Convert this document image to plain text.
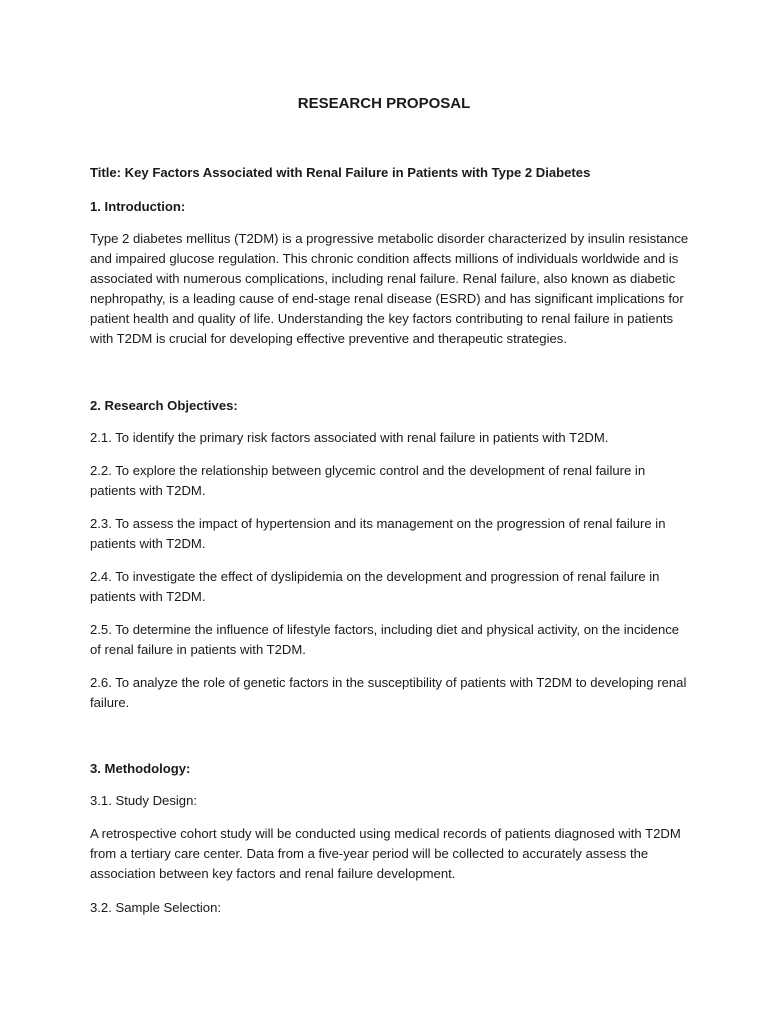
RESEARCH PROPOSAL
Title: Key Factors Associated with Renal Failure in Patients with Type 2 Diabetes
1. Introduction:
Type 2 diabetes mellitus (T2DM) is a progressive metabolic disorder characterized by insulin resistance
and impaired glucose regulation. This chronic condition affects millions of individuals worldwide and is
associated with numerous complications, including renal failure. Renal failure, also known as diabetic
nephropathy, is a leading cause of end-stage renal disease (ESRD) and has significant implications for
patient health and quality of life. Understanding the key factors contributing to renal failure in patients
with T2DM is crucial for developing effective preventive and therapeutic strategies.
2. Research Objectives:
2.1. To identify the primary risk factors associated with renal failure in patients with T2DM.
2.2. To explore the relationship between glycemic control and the development of renal failure in
patients with T2DM.
2.3. To assess the impact of hypertension and its management on the progression of renal failure in
patients with T2DM.
2.4. To investigate the effect of dyslipidemia on the development and progression of renal failure in
patients with T2DM.
2.5. To determine the influence of lifestyle factors, including diet and physical activity, on the incidence
of renal failure in patients with T2DM.
2.6. To analyze the role of genetic factors in the susceptibility of patients with T2DM to developing renal
failure.
3. Methodology:
3.1. Study Design:
A retrospective cohort study will be conducted using medical records of patients diagnosed with T2DM
from a tertiary care center. Data from a five-year period will be collected to accurately assess the
association between key factors and renal failure development.
3.2. Sample Selection:
